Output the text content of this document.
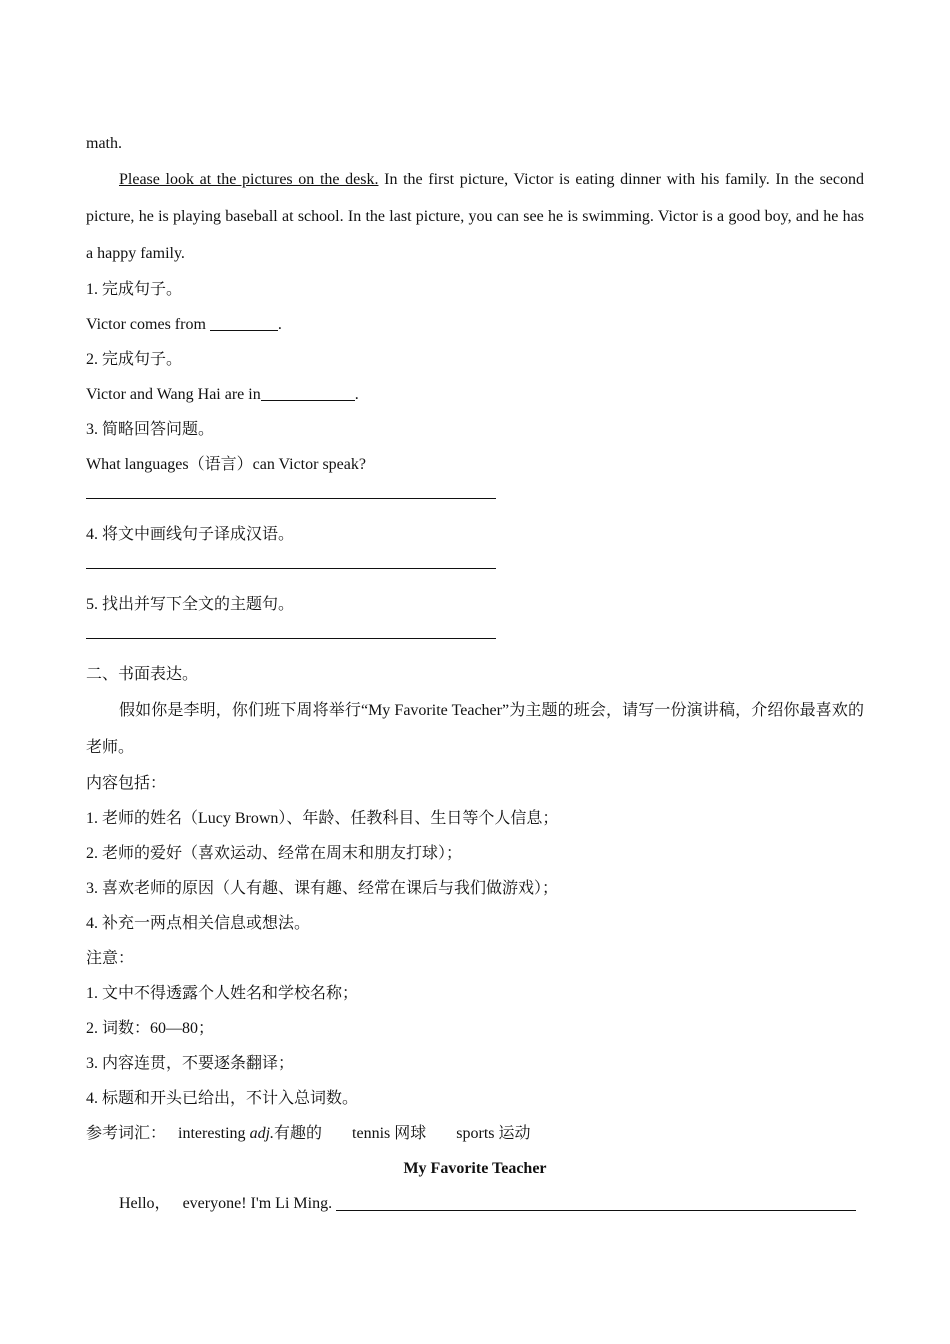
math.
Please look at the pictures on the desk. In the first picture, Victor is eating dinner with his family. In the second picture, he is playing baseball at school. In the last picture, you can see he is swimming. Victor is a good boy, and he has a happy family.
1. 完成句子。
Victor comes from	.
2. 完成句子。
Victor and Wang Hai are in	.
3. 简略回答问题。
What languages（语言）can Victor speak?
4. 将文中画线句子译成汉语。
5. 找出并写下全文的主题句。
二、书面表达。
假如你是李明，你们班下周将举行“My Favorite Teacher”为主题的班会，请写一份演讲稿，介绍你最喜欢的老师。
内容包括：
1. 老师的姓名（Lucy Brown）、年龄、任教科目、生日等个人信息；
2. 老师的爱好（喜欢运动、经常在周末和朋友打球）；
3. 喜欢老师的原因（人有趣、课有趣、经常在课后与我们做游戏）；
4. 补充一两点相关信息或想法。
注意：
1. 文中不得透露个人姓名和学校名称；
2. 词数：60—80；
3. 内容连贯，不要逐条翻译；
4. 标题和开头已给出，不计入总词数。
参考词汇： interesting adj.有趣的 tennis 网球 sports 运动
My Favorite Teacher
Hello， everyone! I'm Li Ming.
